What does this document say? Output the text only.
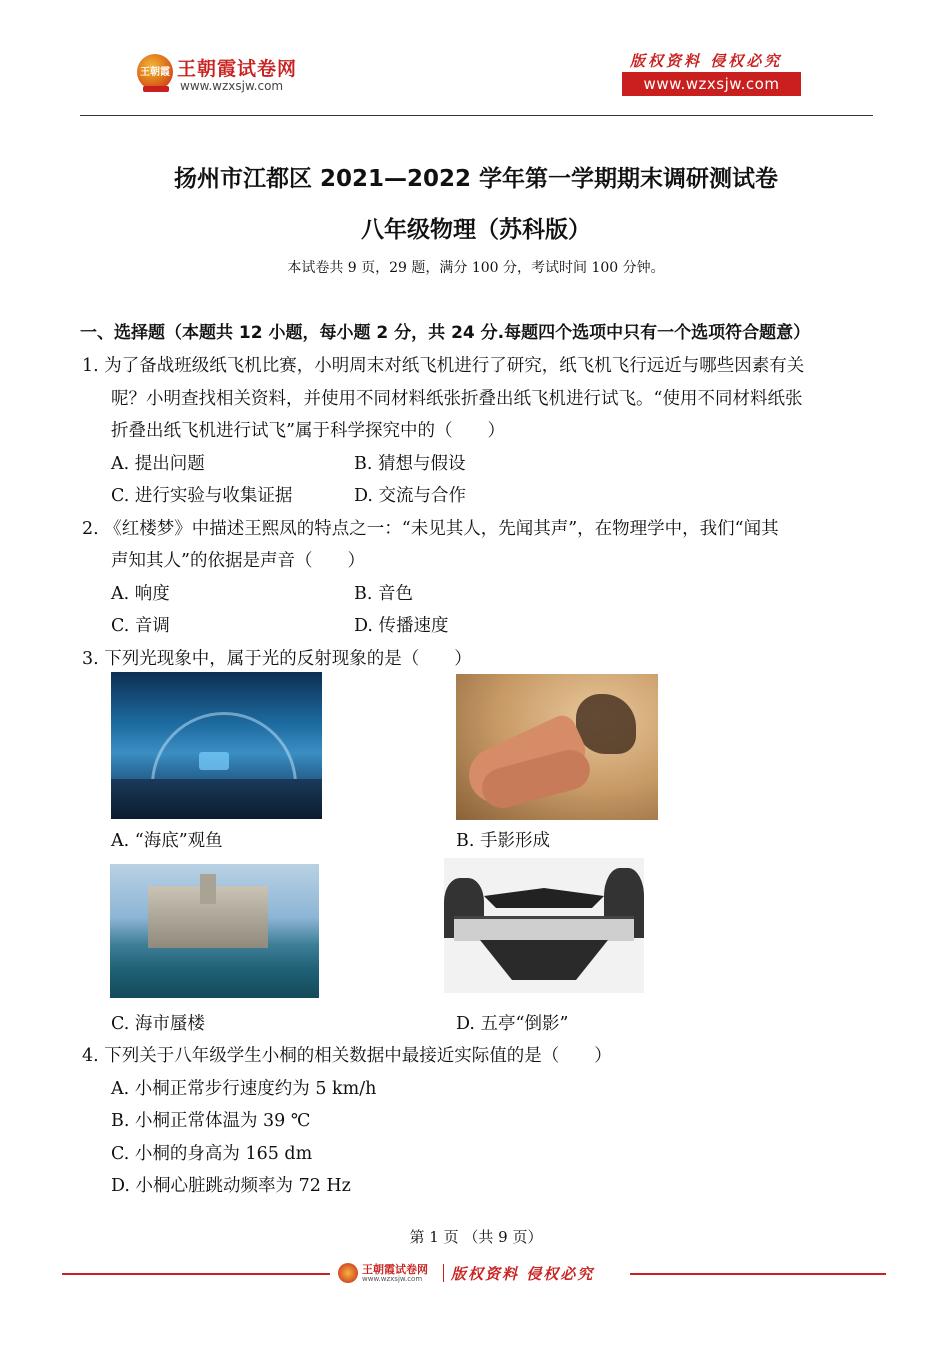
王朝霞 王朝霞试卷网
www.wzxsjw.com
版权资料 侵权必究
www.wzxsjw.com
扬州市江都区 2021—2022 学年第一学期期末调研测试卷
八年级物理（苏科版）
本试卷共 9 页，29 题，满分 100 分，考试时间 100 分钟。
一、选择题（本题共 12 小题，每小题 2 分，共 24 分.每题四个选项中只有一个选项符合题意）
1. 为了备战班级纸飞机比赛，小明周末对纸飞机进行了研究，纸飞机飞行远近与哪些因素有关
呢？小明查找相关资料，并使用不同材料纸张折叠出纸飞机进行试飞。“使用不同材料纸张
折叠出纸飞机进行试飞”属于科学探究中的（　　）
A. 提出问题	B. 猜想与假设
C. 进行实验与收集证据	D. 交流与合作
2. 《红楼梦》中描述王熙凤的特点之一：“未见其人，先闻其声”，在物理学中，我们“闻其
声知其人”的依据是声音（　　）
A. 响度	B. 音色
C. 音调	D. 传播速度
3. 下列光现象中，属于光的反射现象的是（　　）
A. “海底”观鱼	B. 手影形成
C. 海市蜃楼	D. 五亭“倒影”
4. 下列关于八年级学生小桐的相关数据中最接近实际值的是（　　）
A. 小桐正常步行速度约为 5 km/h
B. 小桐正常体温为 39 ℃
C. 小桐的身高为 165 dm
D. 小桐心脏跳动频率为 72 Hz
第 1 页 （共 9 页）
王朝霞试卷网
www.wzxsjw.com 版权资料 侵权必究
